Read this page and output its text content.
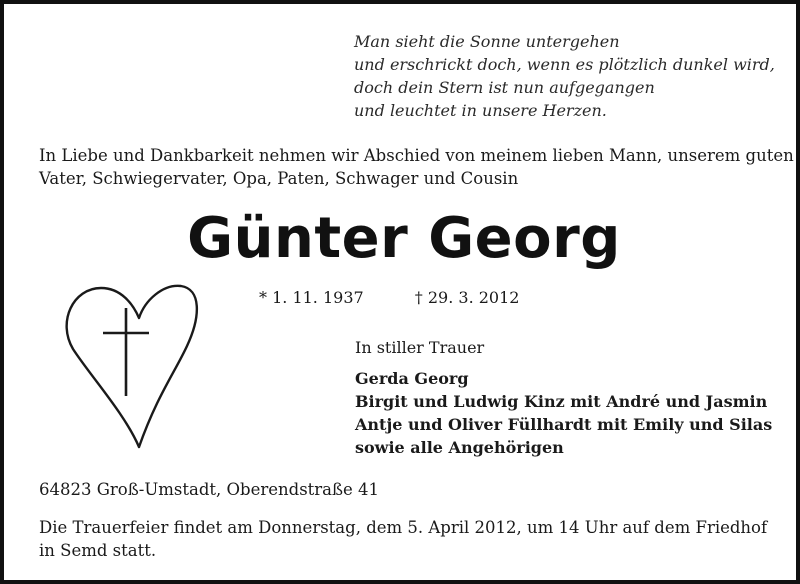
Man sieht die Sonne untergehen
und erschrickt doch, wenn es plötzlich dunkel wird,
doch dein Stern ist nun aufgegangen
und leuchtet in unsere Herzen.
In Liebe und Dankbarkeit nehmen wir Abschied von meinem lieben Mann, unserem guten
Vater, Schwiegervater, Opa, Paten, Schwager und Cousin
Günter Georg
* 1. 11. 1937	† 29. 3. 2012
In stiller Trauer
Gerda Georg
Birgit und Ludwig Kinz mit André und Jasmin
Antje und Oliver Füllhardt mit Emily und Silas
sowie alle Angehörigen
64823 Groß-Umstadt, Oberendstraße 41
Die Trauerfeier findet am Donnerstag, dem 5. April 2012, um 14 Uhr auf dem Friedhof
in Semd statt.
